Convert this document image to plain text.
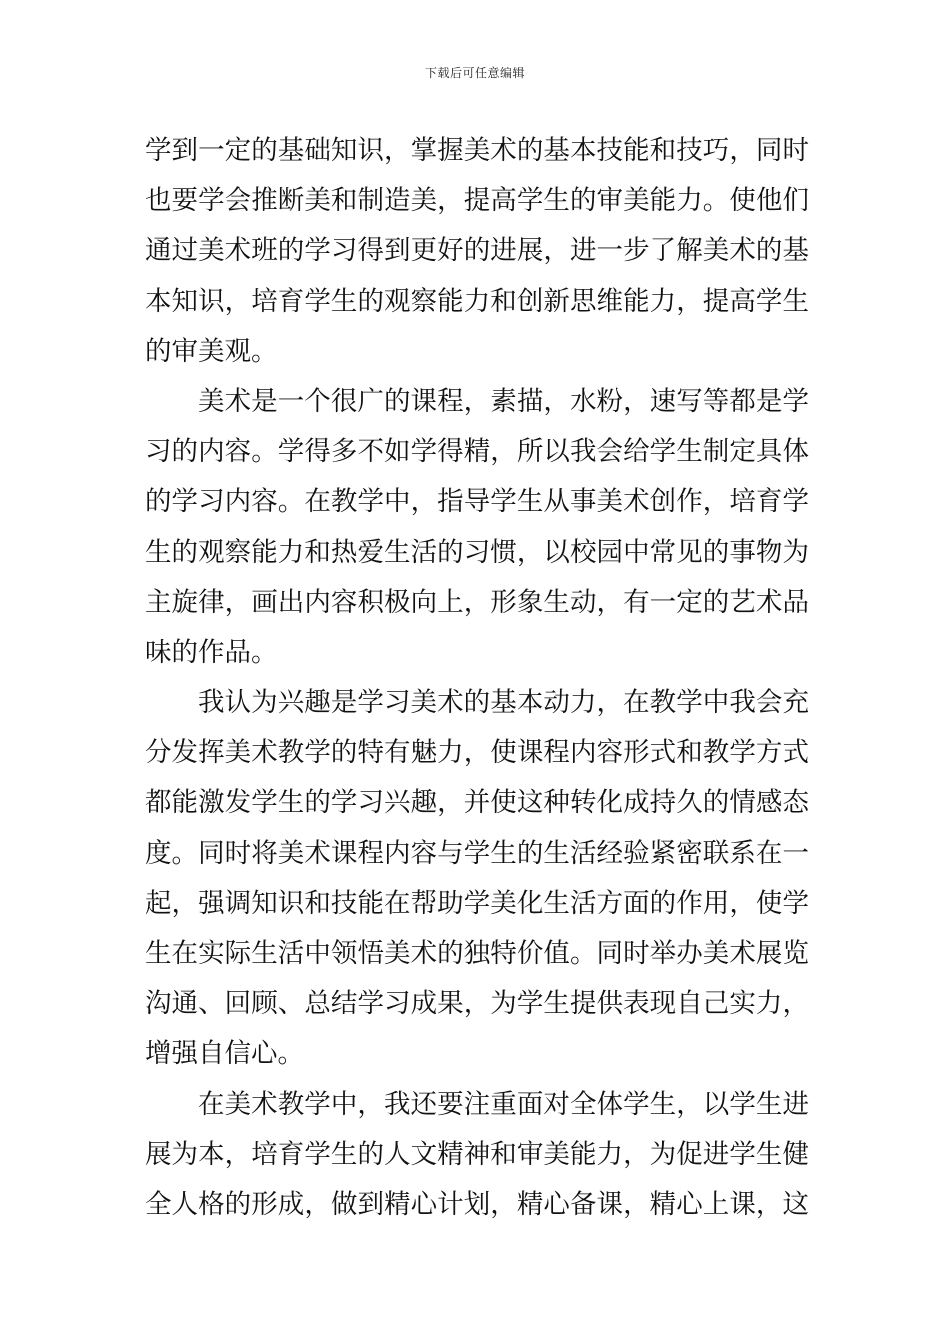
下载后可任意编辑
学到一定的基础知识，掌握美术的基本技能和技巧，同时
也要学会推断美和制造美，提高学生的审美能力。使他们
通过美术班的学习得到更好的进展，进一步了解美术的基
本知识，培育学生的观察能力和创新思维能力，提高学生
的审美观。
美术是一个很广的课程，素描，水粉，速写等都是学
习的内容。学得多不如学得精，所以我会给学生制定具体
的学习内容。在教学中，指导学生从事美术创作，培育学
生的观察能力和热爱生活的习惯，以校园中常见的事物为
主旋律，画出内容积极向上，形象生动，有一定的艺术品
味的作品。
我认为兴趣是学习美术的基本动力，在教学中我会充
分发挥美术教学的特有魅力，使课程内容形式和教学方式
都能激发学生的学习兴趣，并使这种转化成持久的情感态
度。同时将美术课程内容与学生的生活经验紧密联系在一
起，强调知识和技能在帮助学美化生活方面的作用，使学
生在实际生活中领悟美术的独特价值。同时举办美术展览
沟通、回顾、总结学习成果，为学生提供表现自己实力，
增强自信心。
在美术教学中，我还要注重面对全体学生，以学生进
展为本，培育学生的人文精神和审美能力，为促进学生健
全人格的形成，做到精心计划，精心备课，精心上课，这
